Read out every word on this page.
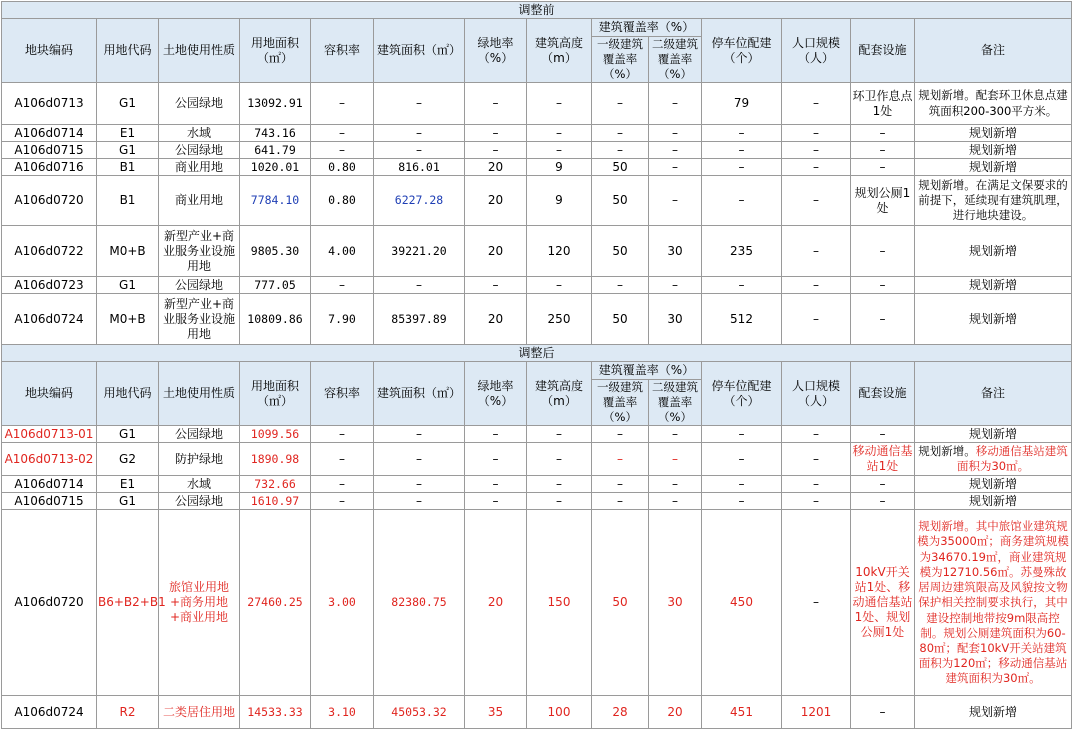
调整前													
地块编码	用地代码	土地使用性质	用地面积（㎡）	容积率	建筑面积（㎡）	绿地率（%）	建筑高度（m）	建筑覆盖率（%）		停车位配建（个）	人口规模（人）	配套设施	备注
								一级建筑覆盖率（%）	二级建筑覆盖率（%）				
A106d0713	G1	公园绿地	13092.91	–	–	–	–	–	–	79	–	环卫作息点1处	规划新增。配套环卫休息点建筑面积200-300平方米。
A106d0714	E1	水域	743.16	–	–	–	–	–	–	–	–	–	规划新增
A106d0715	G1	公园绿地	641.79	–	–	–	–	–	–	–	–	–	规划新增
A106d0716	B1	商业用地	1020.01	0.80	816.01	20	9	50	–	–	–	–	规划新增
A106d0720	B1	商业用地	7784.10	0.80	6227.28	20	9	50	–	–	–	规划公厕1处	规划新增。在满足文保要求的前提下，延续现有建筑肌理，进行地块建设。
A106d0722	M0+B	新型产业+商业服务业设施用地	9805.30	4.00	39221.20	20	120	50	30	235	–	–	规划新增
A106d0723	G1	公园绿地	777.05	–	–	–	–	–	–	–	–	–	规划新增
A106d0724	M0+B	新型产业+商业服务业设施用地	10809.86	7.90	85397.89	20	250	50	30	512	–	–	规划新增
调整后													
地块编码	用地代码	土地使用性质	用地面积（㎡）	容积率	建筑面积（㎡）	绿地率（%）	建筑高度（m）	建筑覆盖率（%）		停车位配建（个）	人口规模（人）	配套设施	备注
								一级建筑覆盖率（%）	二级建筑覆盖率（%）				
A106d0713-01	G1	公园绿地	1099.56	–	–	–	–	–	–	–	–	–	规划新增
A106d0713-02	G2	防护绿地	1890.98	–	–	–	–	–	–	–	–	移动通信基站1处	规划新增。移动通信基站建筑面积为30㎡。
A106d0714	E1	水域	732.66	–	–	–	–	–	–	–	–	–	规划新增
A106d0715	G1	公园绿地	1610.97	–	–	–	–	–	–	–	–	–	规划新增
A106d0720	B6+B2+B1	旅馆业用地+商务用地+商业用地	27460.25	3.00	82380.75	20	150	50	30	450	–	10kV开关站1处、移动通信基站1处、规划公厕1处	规划新增。其中旅馆业建筑规模为35000㎡；商务建筑规模为34670.19㎡，商业建筑规模为12710.56㎡。苏曼殊故居周边建筑限高及风貌按文物保护相关控制要求执行，其中建设控制地带按9m限高控制。规划公厕建筑面积为60-80㎡；配套10kV开关站建筑面积为120㎡；移动通信基站建筑面积为30㎡。
A106d0724	R2	二类居住用地	14533.33	3.10	45053.32	35	100	28	20	451	1201	–	规划新增
